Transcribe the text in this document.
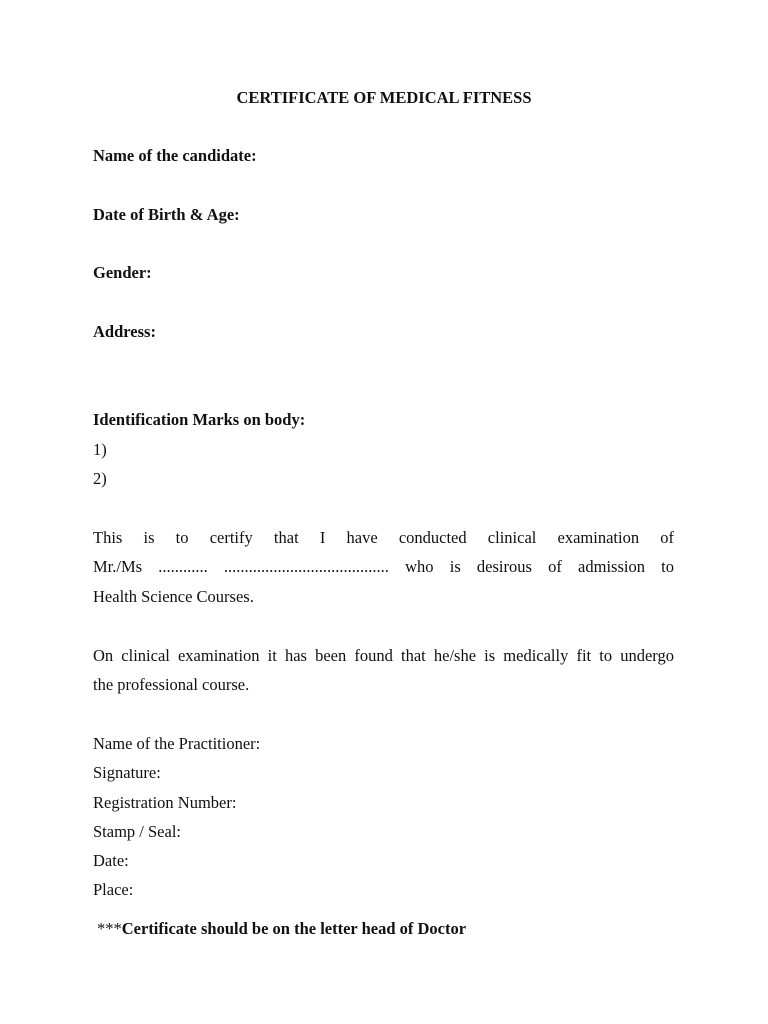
CERTIFICATE OF MEDICAL FITNESS
Name of the candidate:
Date of Birth & Age:
Gender:
Address:
Identification Marks on body:
1)
2)
This is to certify that I have conducted clinical examination of
Mr./Ms ............ ........................................ who is desirous of admission to
Health Science Courses.
On clinical examination it has been found that he/she is medically fit to undergo
the professional course.
Name of the Practitioner:
Signature:
Registration Number:
Stamp / Seal:
Date:
Place:
***Certificate should be on the letter head of Doctor
